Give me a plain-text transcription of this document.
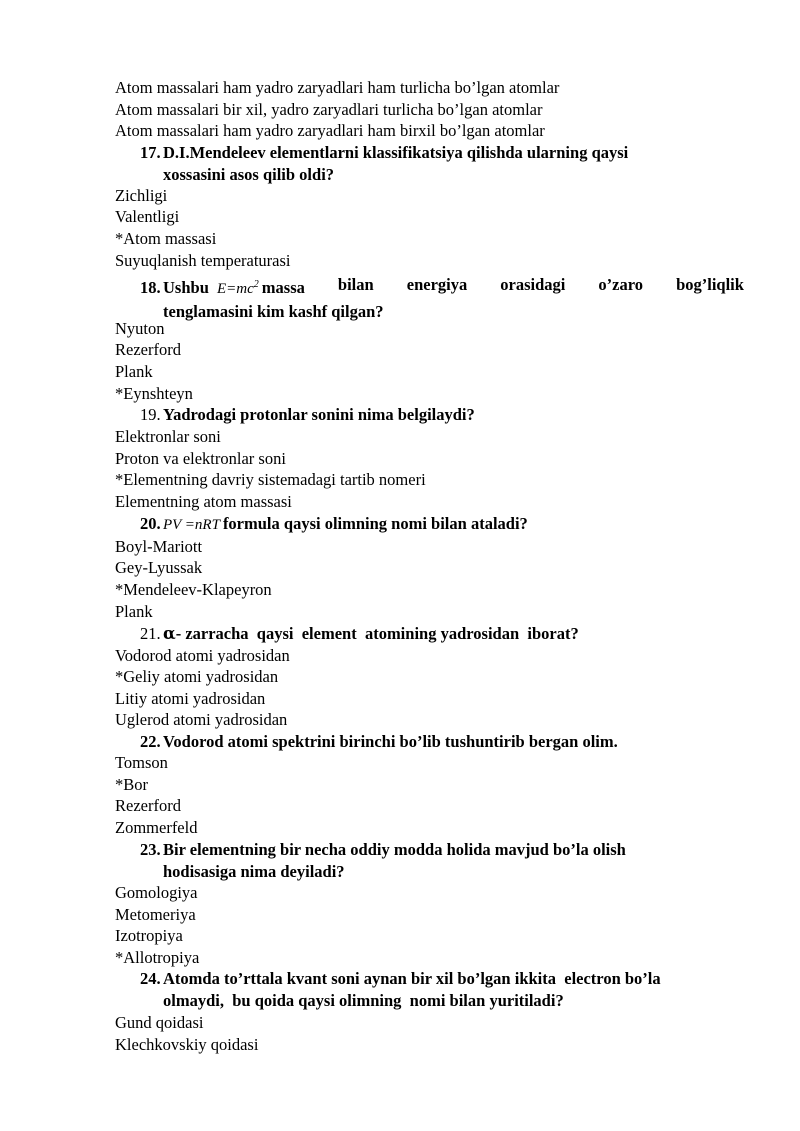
Atom massalari ham yadro zaryadlari ham turlicha bo’lgan atomlar
Atom massalari bir xil, yadro zaryadlari turlicha bo’lgan atomlar
Atom massalari ham yadro zaryadlari ham birxil bo’lgan atomlar
17. D.I.Mendeleev elementlarni klassifikatsiya qilishda ularning qaysi
xossasini asos qilib oldi?
Zichligi
Valentligi
*Atom massasi
Suyuqlanish temperaturasi
18. Ushbu $E=mc^2$ massa bilan energiya orasidagi o’zaro bog’liqlik
tenglamasini kim kashf qilgan?
Nyuton
Rezerford
Plank
*Eynshteyn
19. Yadrodagi protonlar sonini nima belgilaydi?
Elektronlar soni
Proton va elektronlar soni
*Elementning davriy sistemadagi tartib nomeri
Elementning atom massasi
20. PV =nRT formula qaysi olimning nomi bilan ataladi?
Boyl-Mariott
Gey-Lyussak
*Mendeleev-Klapeyron
Plank
21. α- zarracha  qaysi  element  atomining yadrosidan  iborat?
Vodorod atomi yadrosidan
*Geliy atomi yadrosidan
Litiy atomi yadrosidan
Uglerod atomi yadrosidan
22. Vodorod atomi spektrini birinchi bo’lib tushuntirib bergan olim.
Tomson
*Bor
Rezerford
Zommerfeld
23. Bir elementning bir necha oddiy modda holida mavjud bo’la olish
hodisasiga nima deyiladi?
Gomologiya
Metomeriya
Izotropiya
*Allotropiya
24. Atomda to’rttala kvant soni aynan bir xil bo’lgan ikkita  electron bo’la
olmaydi,  bu qoida qaysi olimning  nomi bilan yuritiladi?
Gund qoidasi
Klechkovskiy qoidasi
